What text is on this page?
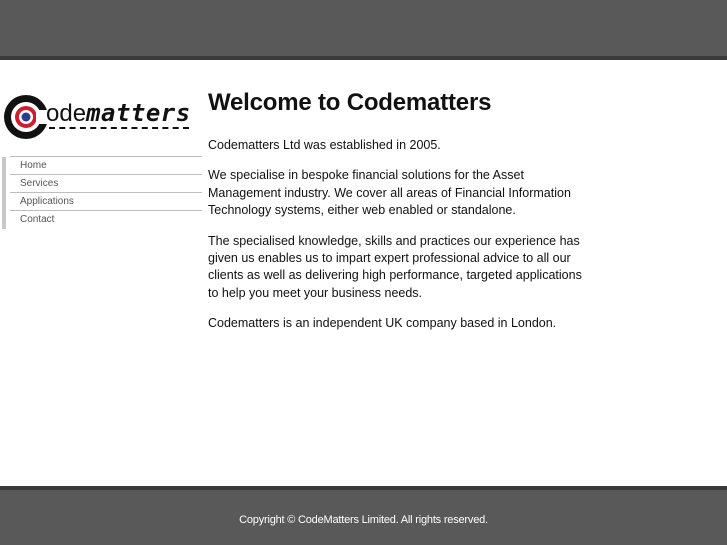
odematters
Home
Services
Applications
Contact
Welcome to Codematters

Codematters Ltd was established in 2005.

We specialise in bespoke financial solutions for the Asset Management industry. We cover all areas of Financial Information Technology systems, either web enabled or standalone.

The specialised knowledge, skills and practices our experience has given us enables us to impart expert professional advice to all our clients as well as delivering high performance, targeted applications to help you meet your business needs.

Codematters is an independent UK company based in London.

Copyright © CodeMatters Limited. All rights reserved.
